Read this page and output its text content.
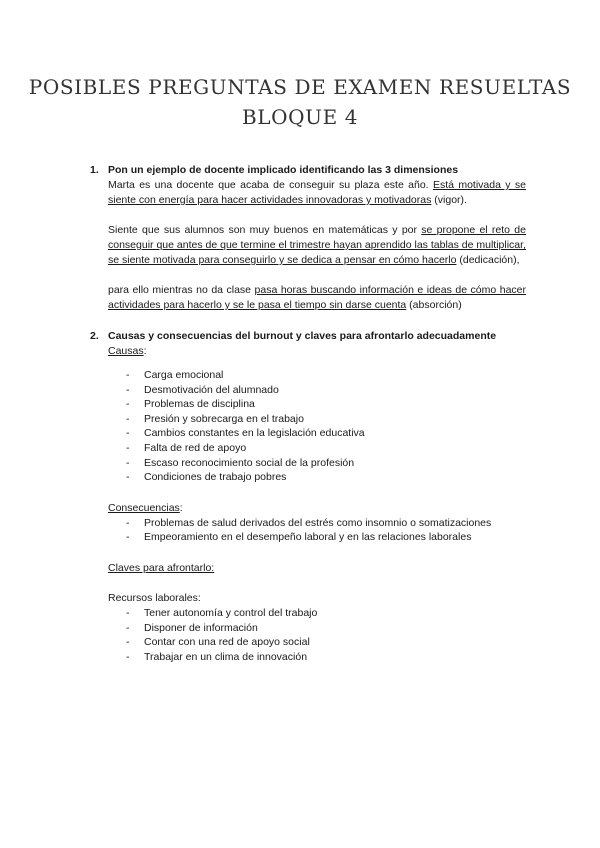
POSIBLES PREGUNTAS DE EXAMEN RESUELTAS
BLOQUE 4
1. Pon un ejemplo de docente implicado identificando las 3 dimensiones
Marta es una docente que acaba de conseguir su plaza este año. Está motivada y se siente con energía para hacer actividades innovadoras y motivadoras (vigor).
Siente que sus alumnos son muy buenos en matemáticas y por se propone el reto de conseguir que antes de que termine el trimestre hayan aprendido las tablas de multiplicar, se siente motivada para conseguirlo y se dedica a pensar en cómo hacerlo (dedicación),
para ello mientras no da clase pasa horas buscando información e ideas de cómo hacer actividades para hacerlo y se le pasa el tiempo sin darse cuenta (absorción)
2. Causas y consecuencias del burnout y claves para afrontarlo adecuadamente
Causas:
- Carga emocional
- Desmotivación del alumnado
- Problemas de disciplina
- Presión y sobrecarga en el trabajo
- Cambios constantes en la legislación educativa
- Falta de red de apoyo
- Escaso reconocimiento social de la profesión
- Condiciones de trabajo pobres
Consecuencias:
- Problemas de salud derivados del estrés como insomnio o somatizaciones
- Empeoramiento en el desempeño laboral y en las relaciones laborales
Claves para afrontarlo:
Recursos laborales:
- Tener autonomía y control del trabajo
- Disponer de información
- Contar con una red de apoyo social
- Trabajar en un clima de innovación
